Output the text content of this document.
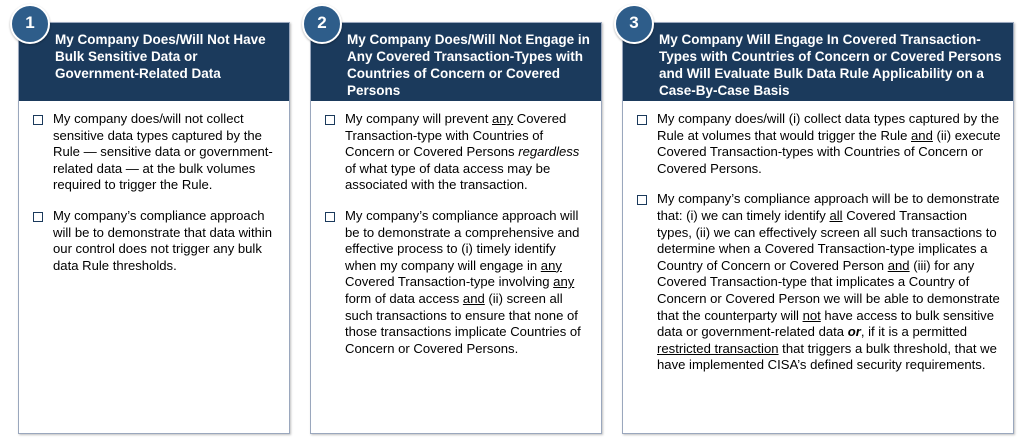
My Company Does/Will Not Have Bulk Sensitive Data or Government-Related Data
My company does/will not collect sensitive data types captured by the Rule — sensitive data or government-related data — at the bulk volumes required to trigger the Rule.
My company’s compliance approach will be to demonstrate that data within our control does not trigger any bulk data Rule thresholds.
1
My Company Does/Will Not Engage in Any Covered Transaction-Types with Countries of Concern or Covered Persons
My company will prevent any Covered Transaction-type with Countries of Concern or Covered Persons regardless of what type of data access may be associated with the transaction.
My company’s compliance approach will be to demonstrate a comprehensive and effective process to (i) timely identify when my company will engage in any Covered Transaction-type involving any form of data access and (ii) screen all such transactions to ensure that none of those transactions implicate Countries of Concern or Covered Persons.
2
My Company Will Engage In Covered Transaction-Types with Countries of Concern or Covered Persons and Will Evaluate Bulk Data Rule Applicability on a Case-By-Case Basis
My company does/will (i) collect data types captured by the Rule at volumes that would trigger the Rule and (ii) execute Covered Transaction-types with Countries of Concern or Covered Persons.
My company’s compliance approach will be to demonstrate that: (i) we can timely identify all Covered Transaction types, (ii) we can effectively screen all such transactions to determine when a Covered Transaction-type implicates a Country of Concern or Covered Person and (iii) for any Covered Transaction-type that implicates a Country of Concern or Covered Person we will be able to demonstrate that the counterparty will not have access to bulk sensitive data or government-related data or, if it is a permitted restricted transaction that triggers a bulk threshold, that we have implemented CISA’s defined security requirements.
3
